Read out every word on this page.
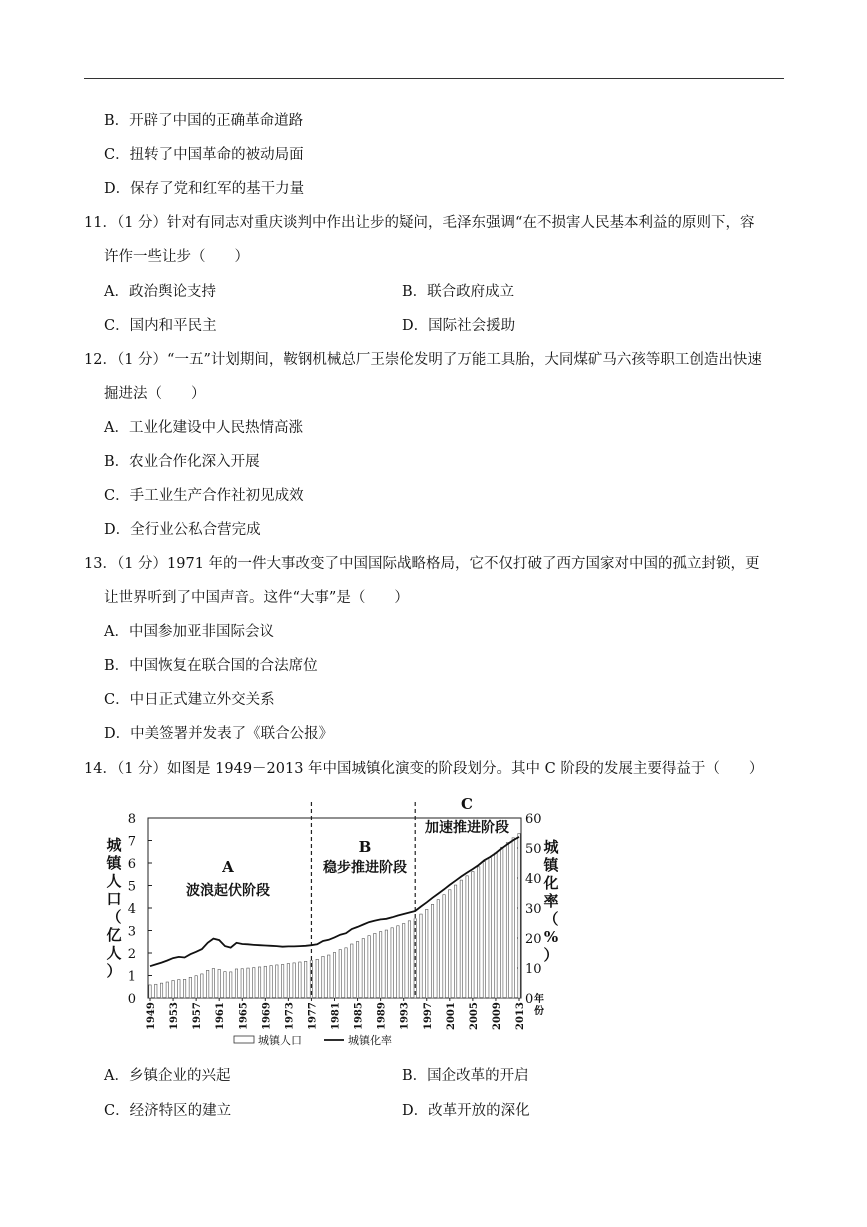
B．开辟了中国的正确革命道路
C．扭转了中国革命的被动局面
D．保存了党和红军的基干力量
11．（1 分）针对有同志对重庆谈判中作出让步的疑问，毛泽东强调“在不损害人民基本利益的原则下，容
许作一些让步（　　）
A．政治舆论支持	B．联合政府成立
C．国内和平民主	D．国际社会援助
12．（1 分）“一五”计划期间，鞍钢机械总厂王崇伦发明了万能工具胎，大同煤矿马六孩等职工创造出快速
掘进法（　　）
A．工业化建设中人民热情高涨
B．农业合作化深入开展
C．手工业生产合作社初见成效
D．全行业公私合营完成
13．（1 分）1971 年的一件大事改变了中国国际战略格局，它不仅打破了西方国家对中国的孤立封锁，更
让世界听到了中国声音。这件“大事”是（　　）
A．中国参加亚非国际会议
B．中国恢复在联合国的合法席位
C．中日正式建立外交关系
D．中美签署并发表了《联合公报》
14．（1 分）如图是 1949－2013 年中国城镇化演变的阶段划分。其中 C 阶段的发展主要得益于（　　）
0
1
2
3
4
5
6
7
8
0
10
20
30
40
50
60
城镇人口（亿人）
城镇化率（%）
A
波浪起伏阶段
B
稳步推进阶段
C
加速推进阶段
1949 1953 1957 1961 1965 1969 1973 1977 1981 1985 1989 1993 1997 2001 2005 2009 2013
年份
城镇人口	城镇化率
A．乡镇企业的兴起	B．国企改革的开启
C．经济特区的建立	D．改革开放的深化
